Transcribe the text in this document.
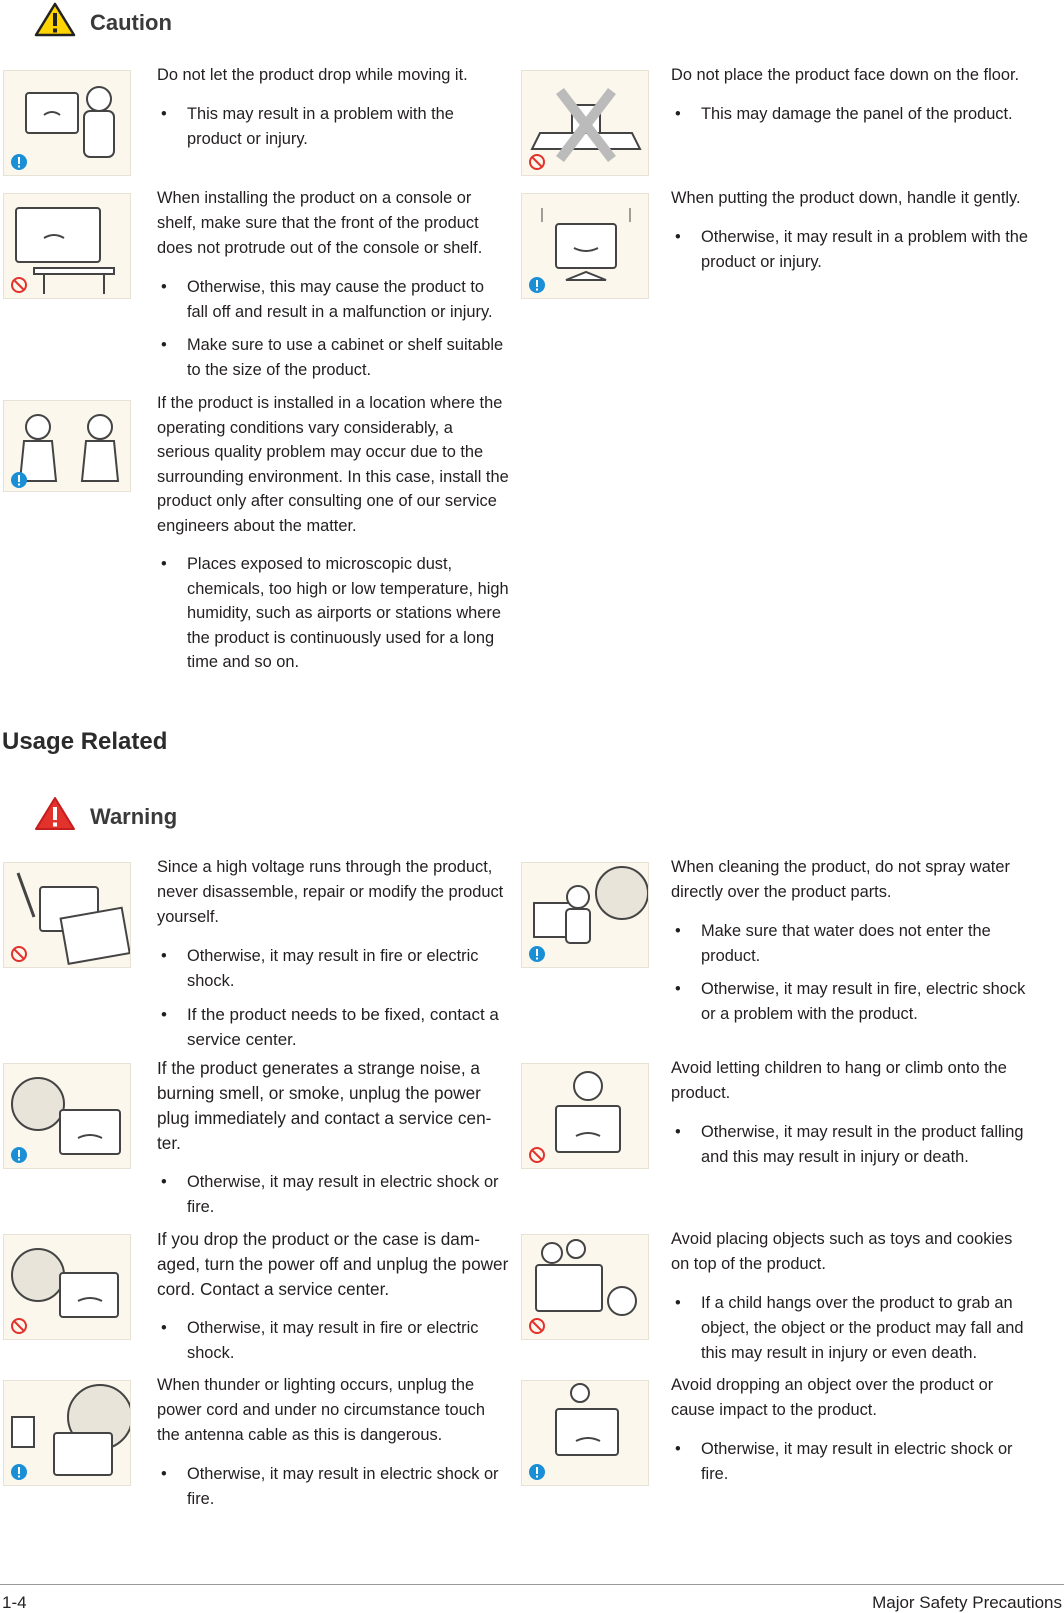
Caution

Do not let the product drop while moving it.

• This may result in a problem with the product or injury.

Do not place the product face down on the floor.

• This may damage the panel of the product.

When installing the product on a console or shelf, make sure that the front of the product does not protrude out of the console or shelf.

• Otherwise, this may cause the product to fall off and result in a malfunction or injury.
• Make sure to use a cabinet or shelf suitable to the size of the product.

When putting the product down, handle it gently.

• Otherwise, it may result in a problem with the product or injury.

If the product is installed in a location where the operating conditions vary considerably, a serious quality problem may occur due to the surrounding environment. In this case, install the product only after consulting one of our service engineers about the matter.

• Places exposed to microscopic dust, chemicals, too high or low temperature, high humidity, such as airports or stations where the product is continuously used for a long time and so on.
Usage Related
Warning

Since a high voltage runs through the product, never disassemble, repair or modify the product yourself.

• Otherwise, it may result in fire or electric shock.
• If the product needs to be fixed, contact a service center.

When cleaning the product, do not spray water directly over the product parts.

• Make sure that water does not enter the product.
• Otherwise, it may result in fire, electric shock or a problem with the product.

If the product generates a strange noise, a burning smell, or smoke, unplug the power plug immediately and contact a service cen-ter.

• Otherwise, it may result in electric shock or fire.

Avoid letting children to hang or climb onto the product.

• Otherwise, it may result in the product falling and this may result in injury or death.

If you drop the product or the case is dam-aged, turn the power off and unplug the power cord. Contact a service center.

• Otherwise, it may result in fire or electric shock.

Avoid placing objects such as toys and cookies on top of the product.

• If a child hangs over the product to grab an object, the object or the product may fall and this may result in injury or even death.

When thunder or lighting occurs, unplug the power cord and under no circumstance touch the antenna cable as this is dangerous.

• Otherwise, it may result in electric shock or fire.

Avoid dropping an object over the product or cause impact to the product.

• Otherwise, it may result in electric shock or fire.
1-4	Major Safety Precautions
